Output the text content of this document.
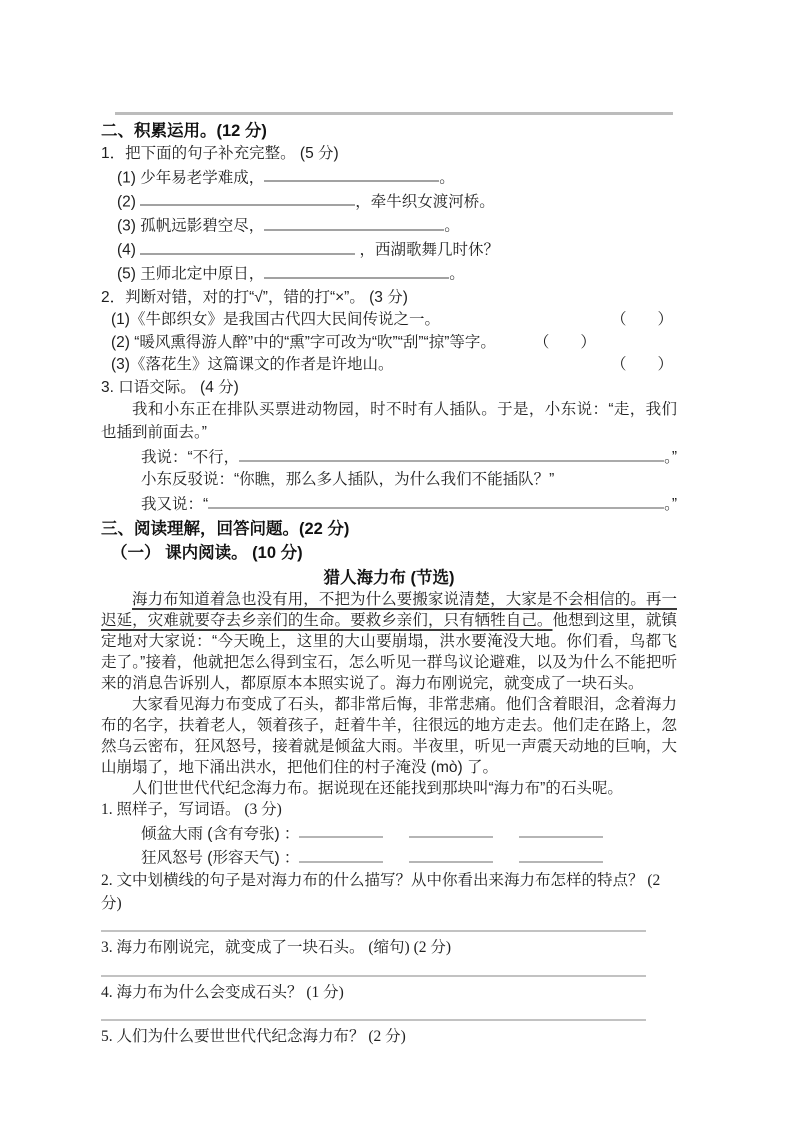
二、积累运用。(12 分)
1．把下面的句子补充完整。 (5 分)
(1) 少年易老学难成，	。
(2)	，牵牛织女渡河桥。
(3) 孤帆远影碧空尽，	。
(4)	，西湖歌舞几时休？
(5) 王师北定中原日，	。
2．判断对错，对的打“√”，错的打“×”。 (3 分)
(1)《牛郎织女》是我国古代四大民间传说之一。	（　　）
(2) “暖风熏得游人醉”中的“熏”字可改为“吹”“刮”“掠”等字。 （　　）
(3)《落花生》这篇课文的作者是许地山。	（　　）
3. 口语交际。 (4 分)

我和小东正在排队买票进动物园，时不时有人插队。于是，小东说：“走，我们也插到前面去。”

我说：“不行，	。”
小东反驳说：“你瞧，那么多人插队，为什么我们不能插队？”
我又说：“	。”
三、阅读理解，回答问题。(22 分)
（一） 课内阅读。 (10 分)
猎人海力布 (节选)

海力布知道着急也没有用，不把为什么要搬家说清楚，大家是不会相信的。再一迟延，灾难就要夺去乡亲们的生命。要救乡亲们，只有牺牲自己。他想到这里，就镇定地对大家说：“今天晚上，这里的大山要崩塌，洪水要淹没大地。你们看，鸟都飞走了。”接着，他就把怎么得到宝石，怎么听见一群鸟议论避难，以及为什么不能把听来的消息告诉别人，都原原本本照实说了。海力布刚说完，就变成了一块石头。

大家看见海力布变成了石头，都非常后悔，非常悲痛。他们含着眼泪，念着海力布的名字，扶着老人，领着孩子，赶着牛羊，往很远的地方走去。他们走在路上，忽然乌云密布，狂风怒号，接着就是倾盆大雨。半夜里，听见一声震天动地的巨响，大山崩塌了，地下涌出洪水，把他们住的村子淹没 (mò) 了。

人们世世代代纪念海力布。据说现在还能找到那块叫“海力布”的石头呢。

1. 照样子，写词语。 (3 分)
倾盆大雨 (含有夸张) ：
狂风怒号 (形容天气) ：
2. 文中划横线的句子是对海力布的什么描写？从中你看出来海力布怎样的特点？ (2 分)
3. 海力布刚说完，就变成了一块石头。 (缩句) (2 分)
4. 海力布为什么会变成石头？ (1 分)
5. 人们为什么要世世代代纪念海力布？ (2 分)
